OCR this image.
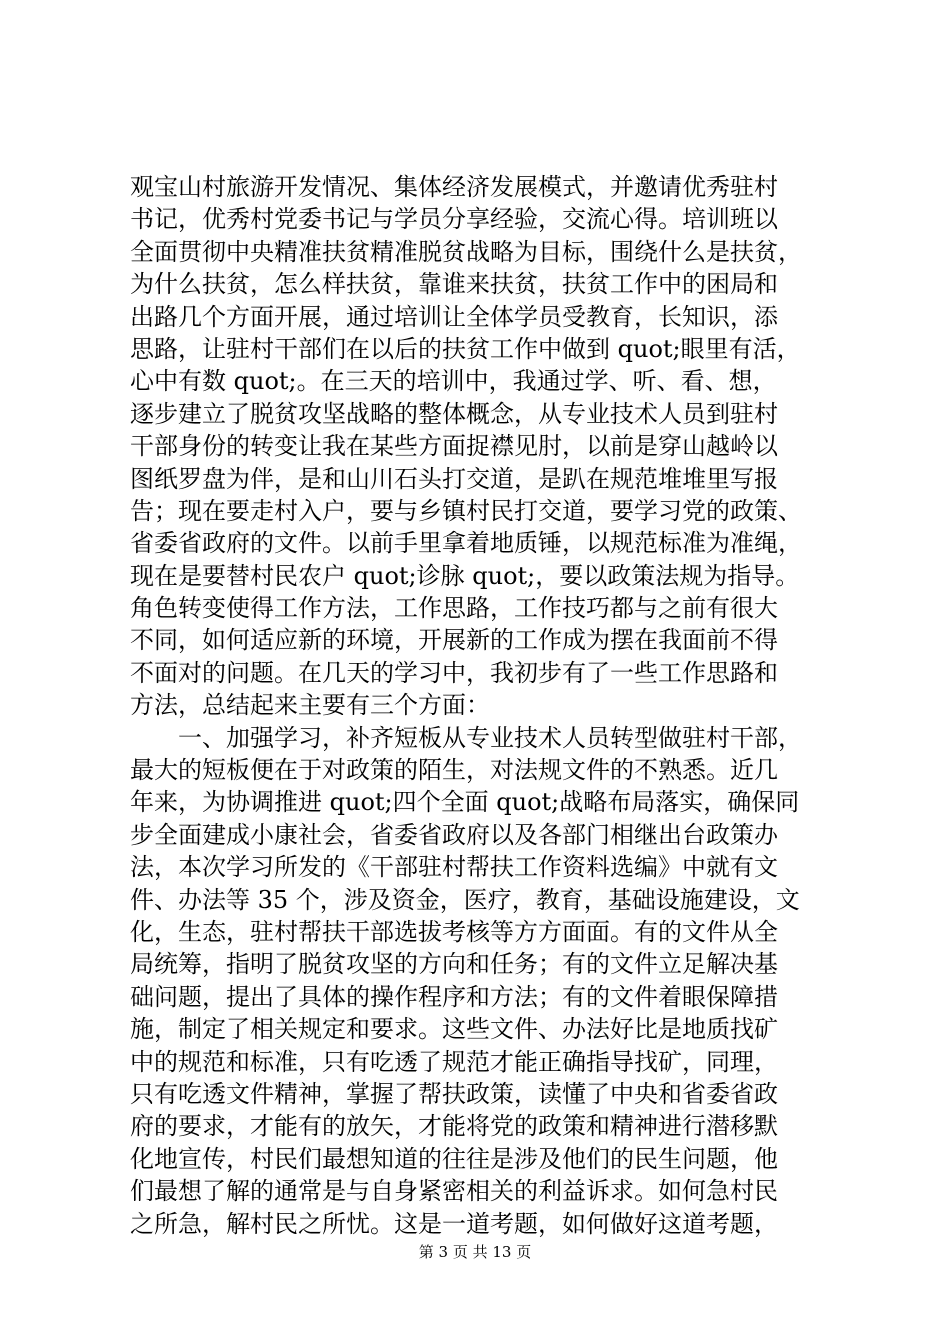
观宝山村旅游开发情况、集体经济发展模式，并邀请优秀驻村
书记，优秀村党委书记与学员分享经验，交流心得。培训班以
全面贯彻中央精准扶贫精准脱贫战略为目标，围绕什么是扶贫，
为什么扶贫，怎么样扶贫，靠谁来扶贫，扶贫工作中的困局和
出路几个方面开展，通过培训让全体学员受教育，长知识，添
思路，让驻村干部们在以后的扶贫工作中做到 quot;眼里有活，
心中有数 quot;。在三天的培训中，我通过学、听、看、想，
逐步建立了脱贫攻坚战略的整体概念，从专业技术人员到驻村
干部身份的转变让我在某些方面捉襟见肘，以前是穿山越岭以
图纸罗盘为伴，是和山川石头打交道，是趴在规范堆堆里写报
告；现在要走村入户，要与乡镇村民打交道，要学习党的政策、
省委省政府的文件。以前手里拿着地质锤，以规范标准为准绳，
现在是要替村民农户 quot;诊脉 quot;，要以政策法规为指导。
角色转变使得工作方法，工作思路，工作技巧都与之前有很大
不同，如何适应新的环境，开展新的工作成为摆在我面前不得
不面对的问题。在几天的学习中，我初步有了一些工作思路和
方法，总结起来主要有三个方面：
　　一、加强学习，补齐短板从专业技术人员转型做驻村干部，
最大的短板便在于对政策的陌生，对法规文件的不熟悉。近几
年来，为协调推进 quot;四个全面 quot;战略布局落实，确保同
步全面建成小康社会，省委省政府以及各部门相继出台政策办
法，本次学习所发的《干部驻村帮扶工作资料选编》中就有文
件、办法等 35 个，涉及资金，医疗，教育，基础设施建设，文
化，生态，驻村帮扶干部选拔考核等方方面面。有的文件从全
局统筹，指明了脱贫攻坚的方向和任务；有的文件立足解决基
础问题，提出了具体的操作程序和方法；有的文件着眼保障措
施，制定了相关规定和要求。这些文件、办法好比是地质找矿
中的规范和标准，只有吃透了规范才能正确指导找矿，同理，
只有吃透文件精神，掌握了帮扶政策，读懂了中央和省委省政
府的要求，才能有的放矢，才能将党的政策和精神进行潜移默
化地宣传，村民们最想知道的往往是涉及他们的民生问题，他
们最想了解的通常是与自身紧密相关的利益诉求。如何急村民
之所急，解村民之所忧。这是一道考题，如何做好这道考题，
第 3 页 共 13 页
